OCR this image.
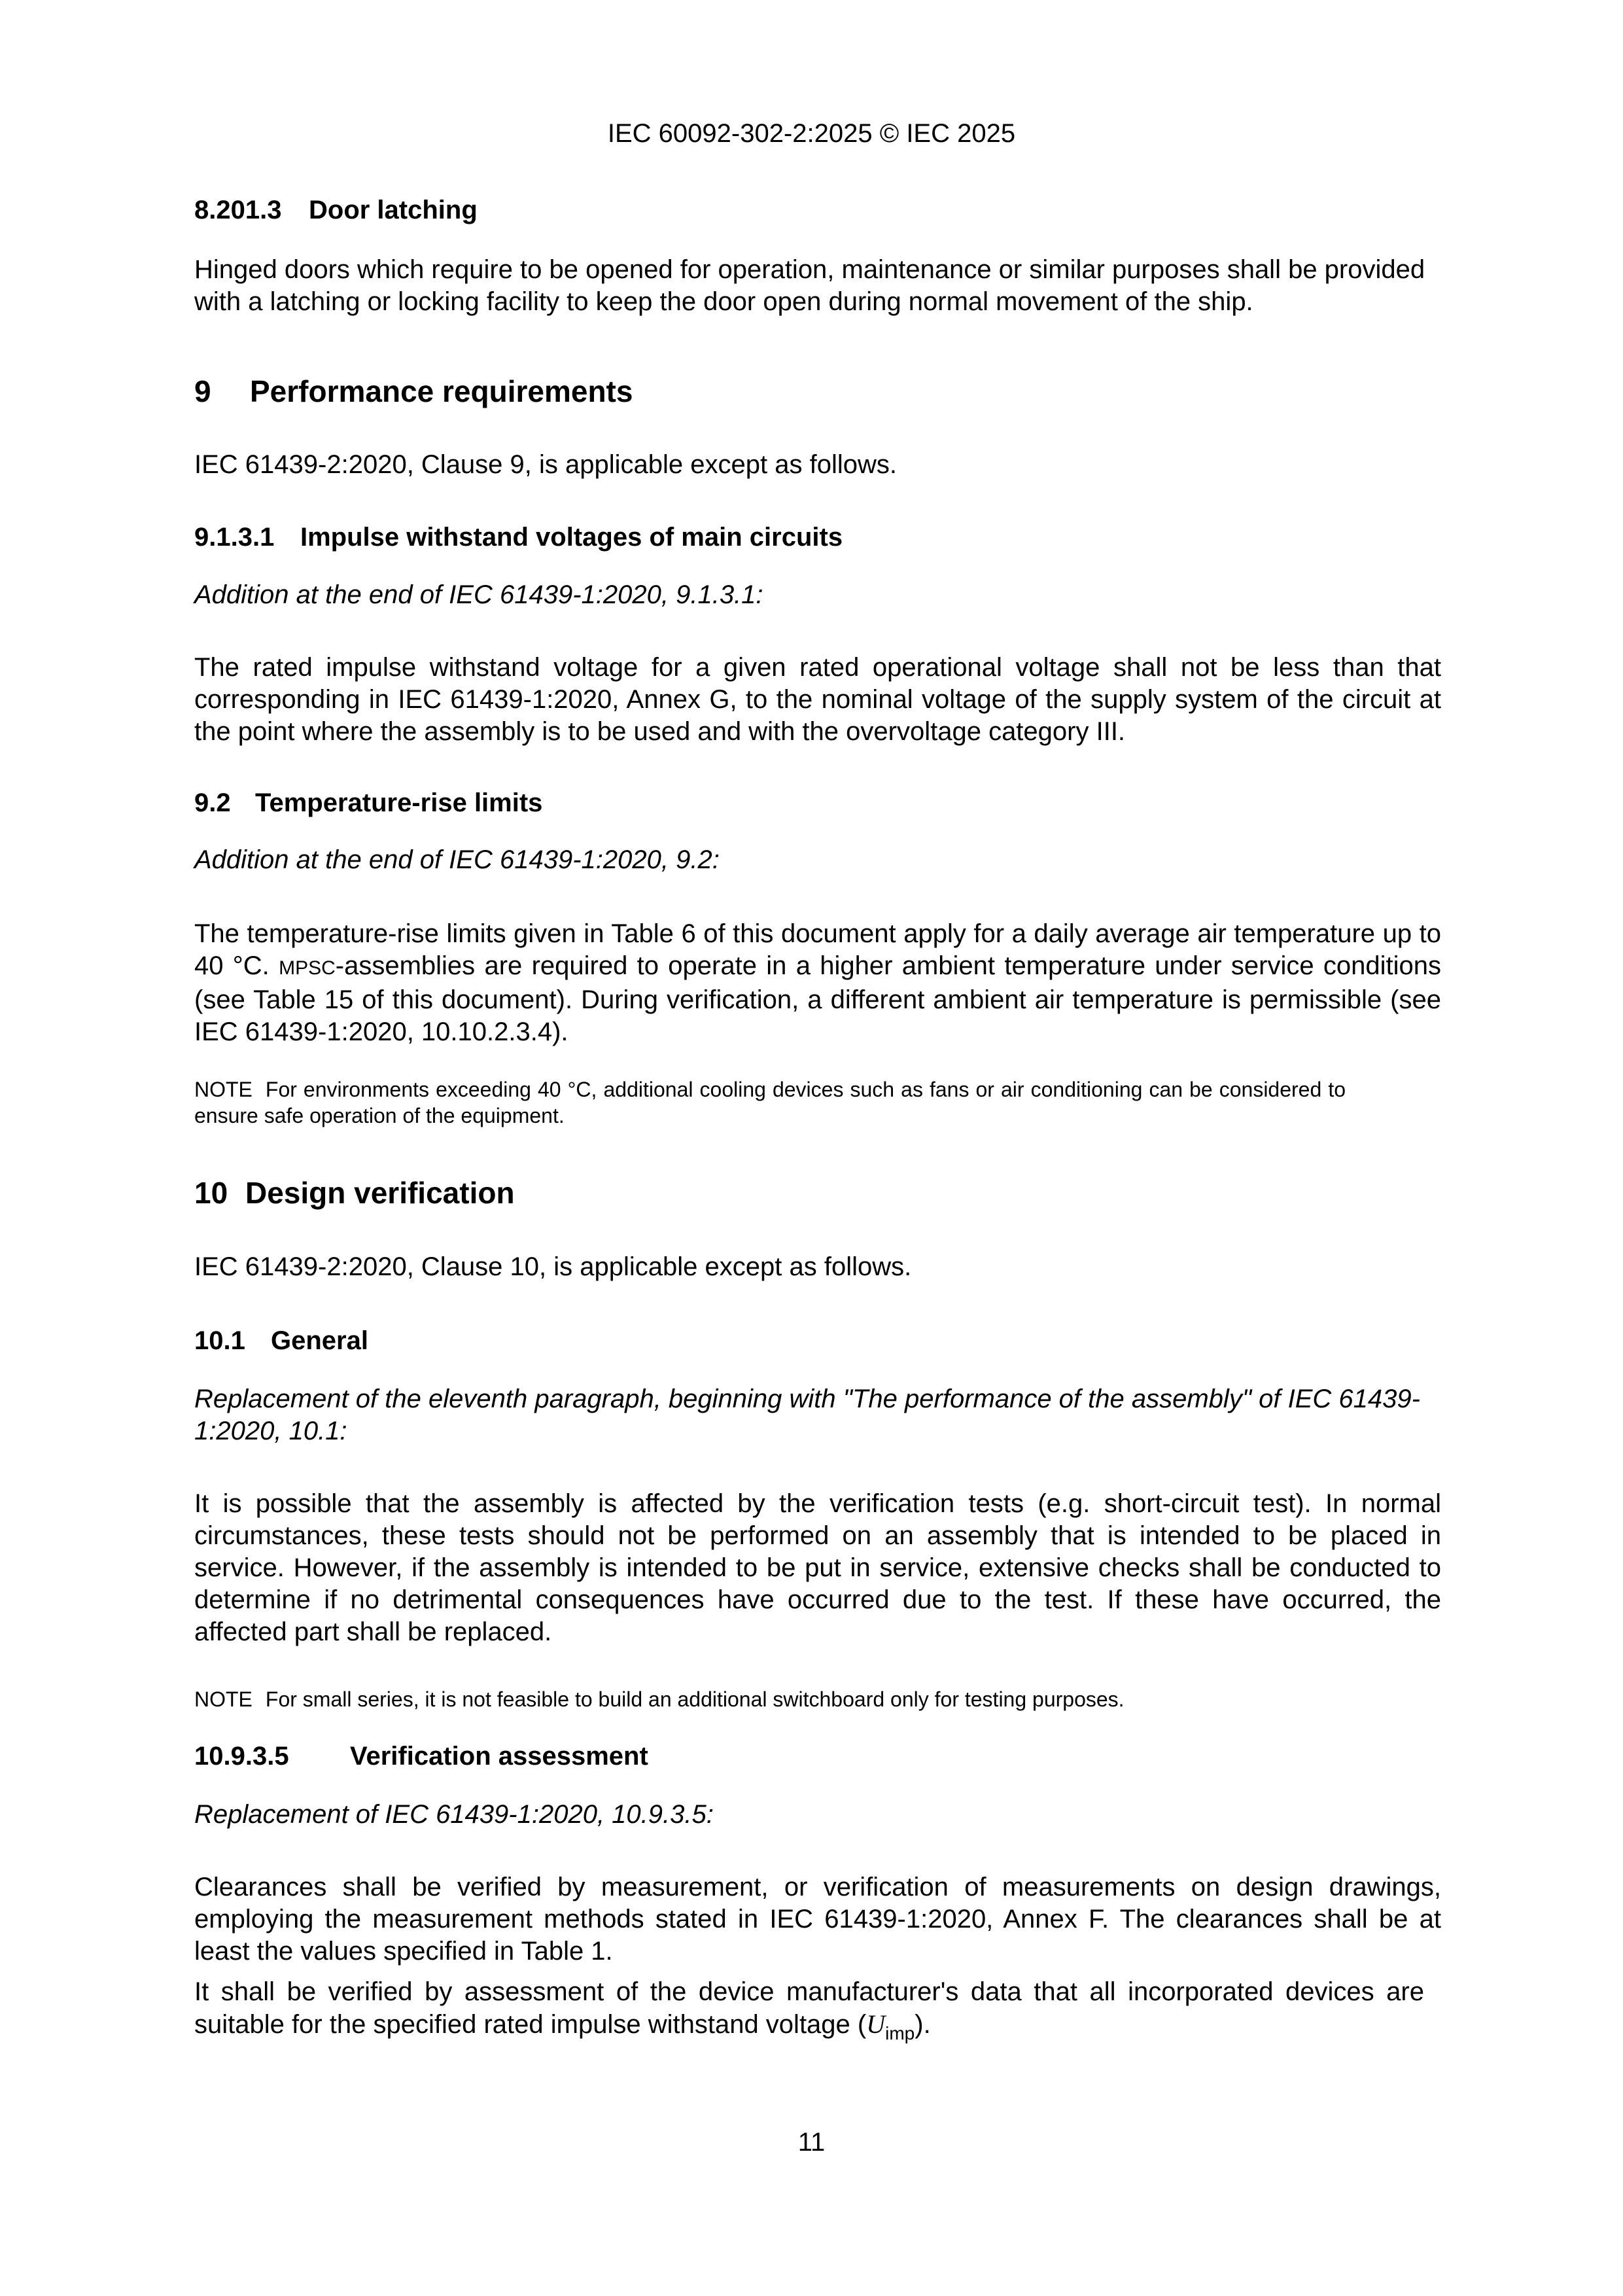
IEC 60092-302-2:2025 © IEC 2025
8.201.3 Door latching
Hinged doors which require to be opened for operation, maintenance or similar purposes shall be provided with a latching or locking facility to keep the door open during normal movement of the ship.
9 Performance requirements
IEC 61439-2:2020, Clause 9, is applicable except as follows.
9.1.3.1 Impulse withstand voltages of main circuits
Addition at the end of IEC 61439-1:2020, 9.1.3.1:
The rated impulse withstand voltage for a given rated operational voltage shall not be less than that corresponding in IEC 61439-1:2020, Annex G, to the nominal voltage of the supply system of the circuit at the point where the assembly is to be used and with the overvoltage category III.
9.2 Temperature-rise limits
Addition at the end of IEC 61439-1:2020, 9.2:
The temperature-rise limits given in Table 6 of this document apply for a daily average air temperature up to 40 °C. MPSC-assemblies are required to operate in a higher ambient temperature under service conditions (see Table 15 of this document). During verification, a different ambient air temperature is permissible (see IEC 61439-1:2020, 10.10.2.3.4).
NOTE For environments exceeding 40 °C, additional cooling devices such as fans or air conditioning can be considered to ensure safe operation of the equipment.
10 Design verification
IEC 61439-2:2020, Clause 10, is applicable except as follows.
10.1 General
Replacement of the eleventh paragraph, beginning with "The performance of the assembly" of IEC 61439-1:2020, 10.1:
It is possible that the assembly is affected by the verification tests (e.g. short-circuit test). In normal circumstances, these tests should not be performed on an assembly that is intended to be placed in service. However, if the assembly is intended to be put in service, extensive checks shall be conducted to determine if no detrimental consequences have occurred due to the test. If these have occurred, the affected part shall be replaced.
NOTE For small series, it is not feasible to build an additional switchboard only for testing purposes.
10.9.3.5 Verification assessment
Replacement of IEC 61439-1:2020, 10.9.3.5:
Clearances shall be verified by measurement, or verification of measurements on design drawings, employing the measurement methods stated in IEC 61439-1:2020, Annex F. The clearances shall be at least the values specified in Table 1.
It shall be verified by assessment of the device manufacturer's data that all incorporated devices are suitable for the specified rated impulse withstand voltage $(U_{imp})$.
11
